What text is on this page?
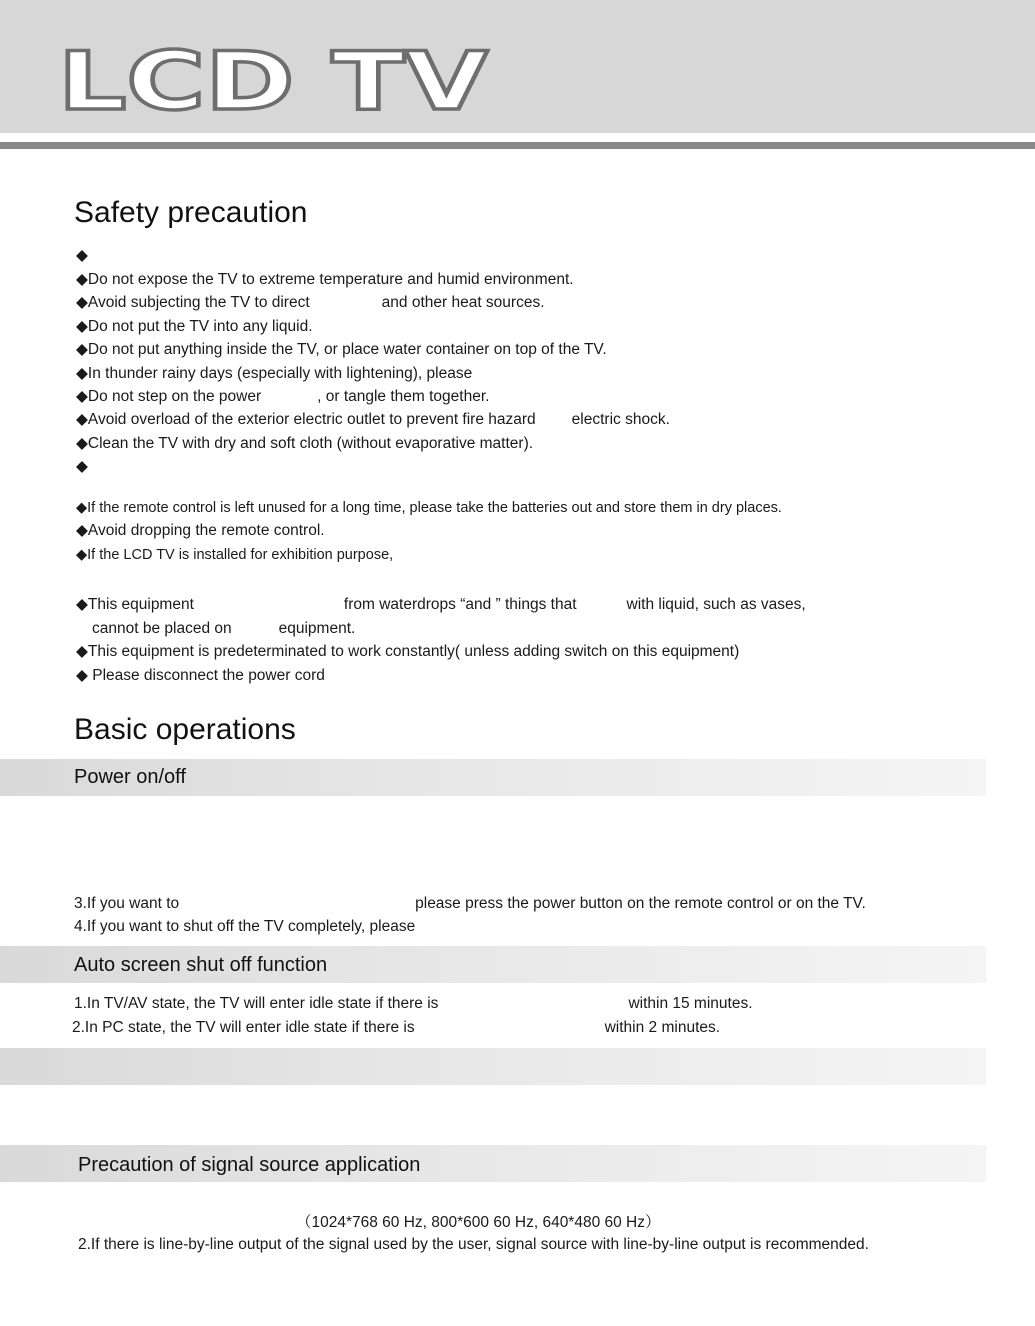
LCD TV
Safety precaution
◆
◆Do not expose the TV to extreme temperature and humid environment.
◆Avoid subjecting the TV to direct	and other heat sources.
◆Do not put the TV into any liquid.
◆Do not put anything inside the TV, or place water container on top of the TV.
◆In thunder rainy days (especially with lightening), please
◆Do not step on the power	, or tangle them together.
◆Avoid overload of the exterior electric outlet to prevent fire hazard electric shock.
◆Clean the TV with dry and soft cloth (without evaporative matter).
◆
◆If the remote control is left unused for a long time, please take the batteries out and store them in dry places.
◆Avoid dropping the remote control.
◆If the LCD TV is installed for exhibition purpose,
◆This equipment	from waterdrops “and ” things that	with liquid, such as vases,
cannot be placed on	equipment.
◆This equipment is predeterminated to work constantly( unless adding switch on this equipment)
◆ Please disconnect the power cord
Basic operations
Power on/off
3.If you want to	please press the power button on the remote control or on the TV.
4.If you want to shut off the TV completely, please
Auto screen shut off function
1.In TV/AV state, the TV will enter idle state if there is	within 15 minutes.
2.In PC state, the TV will enter idle state if there is	within 2 minutes.
Precaution of signal source application
（1024*768 60 Hz, 800*600 60 Hz, 640*480 60 Hz）
2.If there is line-by-line output of the signal used by the user, signal source with line-by-line output is recommended.
